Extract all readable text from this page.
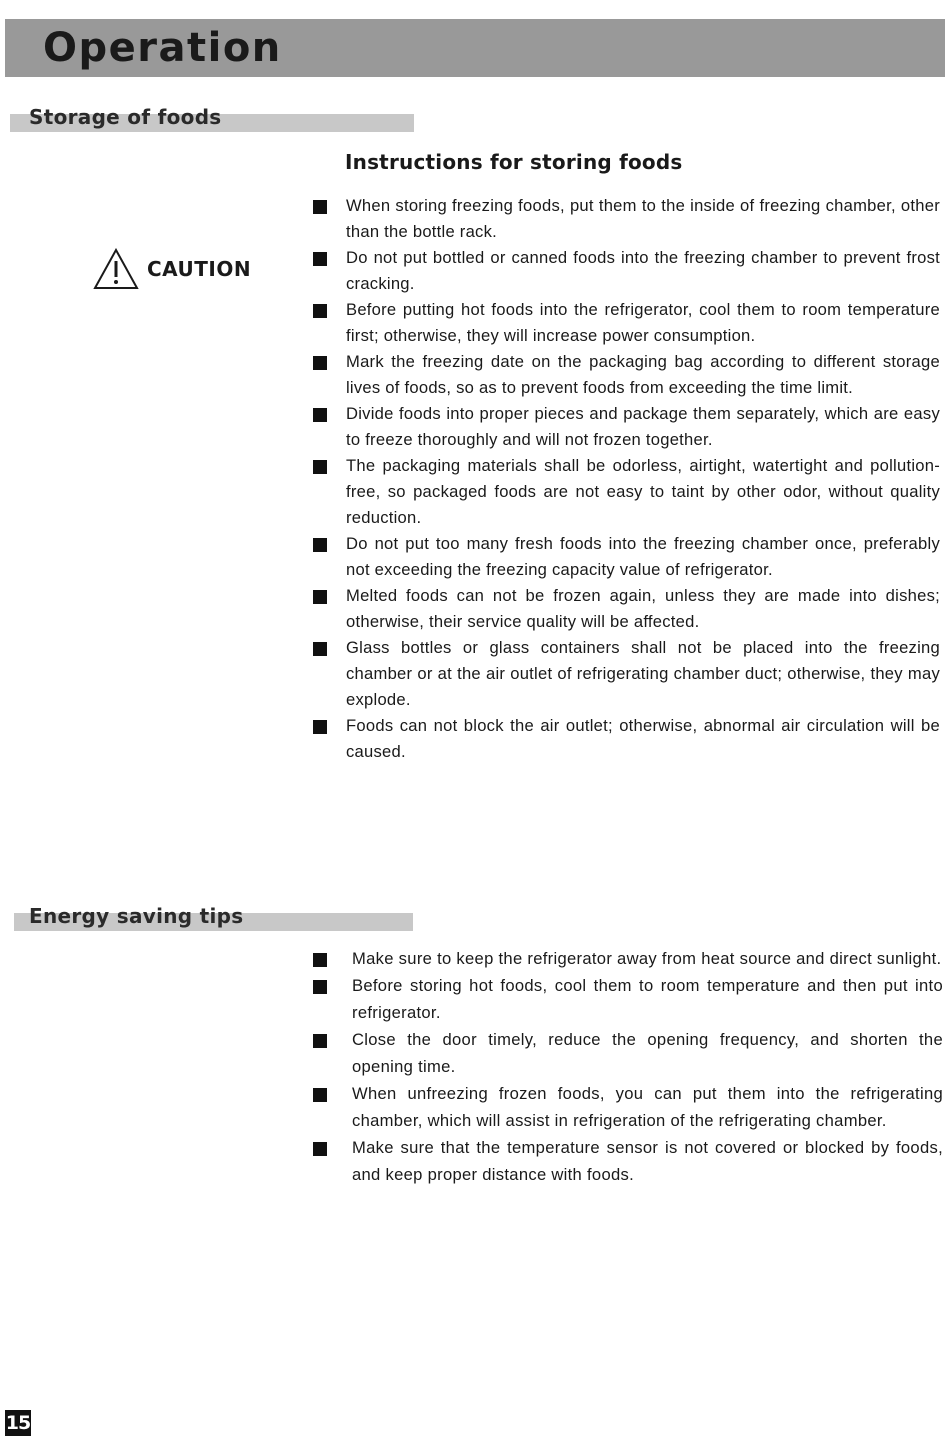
Operation
Storage of foods
Instructions for storing foods
CAUTION
When storing freezing foods, put them to the inside of freezing chamber, other than the bottle rack.
Do not put bottled or canned foods into the freezing chamber to prevent frost cracking.
Before putting hot foods into the refrigerator, cool them to room temperature first; otherwise, they will increase power consumption.
Mark the freezing date on the packaging bag according to different storage lives of foods, so as to prevent foods from exceeding the time limit.
Divide foods into proper pieces and package them separately, which are easy to freeze thoroughly and will not frozen together.
The packaging materials shall be odorless, airtight, watertight and pollution-free, so packaged foods are not easy to taint by other odor, without quality reduction.
Do not put too many fresh foods into the freezing chamber once, preferably not exceeding the freezing capacity value of refrigerator.
Melted foods can not be frozen again, unless they are made into dishes; otherwise, their service quality will be affected.
Glass bottles or glass containers shall not be placed into the freezing chamber or at the air outlet of refrigerating chamber duct; otherwise, they may explode.
Foods can not block the air outlet; otherwise, abnormal air circulation will be caused.
Energy saving tips
Make sure to keep the refrigerator away from heat source and direct sunlight.
Before storing hot foods, cool them to room temperature and then put into refrigerator.
Close the door timely, reduce the opening frequency, and shorten the opening time.
When unfreezing frozen foods, you can put them into the refrigerating chamber, which will assist in refrigeration of the refrigerating chamber.
Make sure that the temperature sensor is not covered or blocked by foods, and keep proper distance with foods.
15
